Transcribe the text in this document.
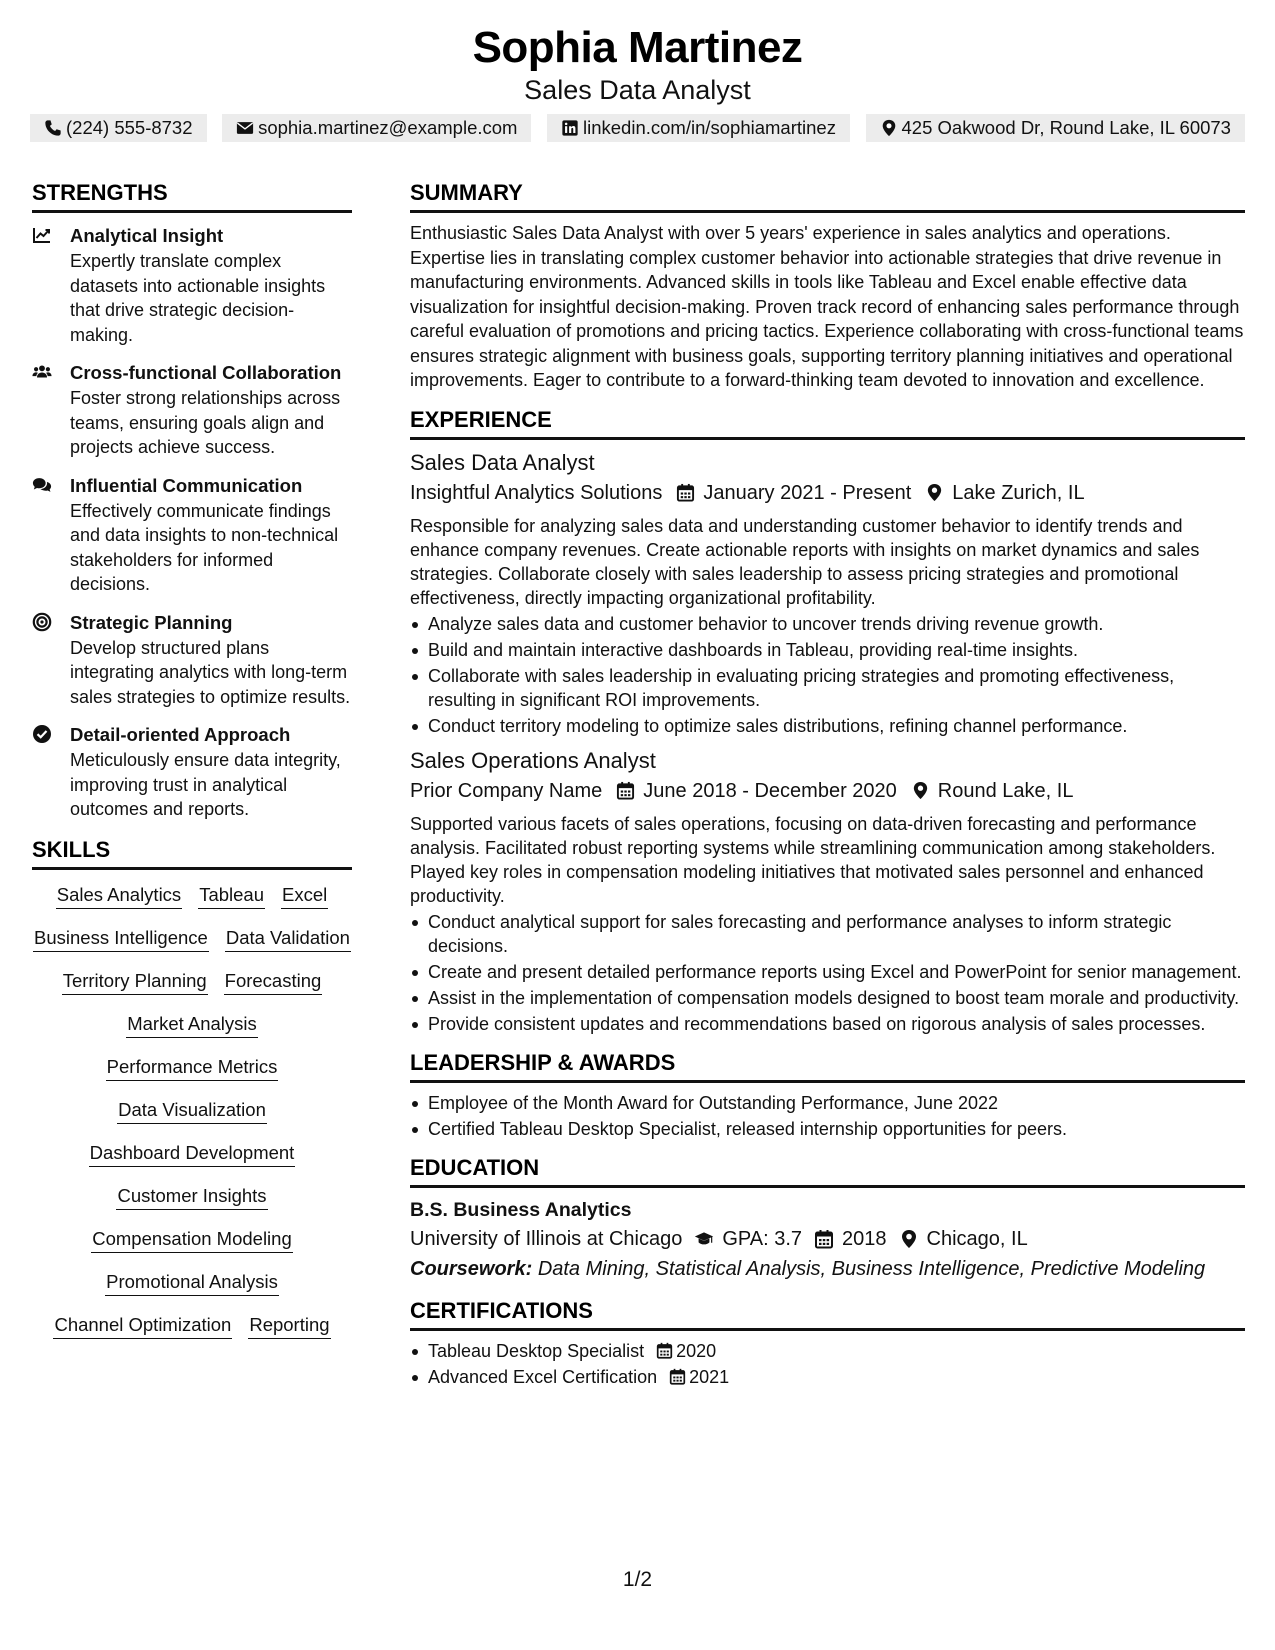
Sophia Martinez
Sales Data Analyst
(224) 555-8732	sophia.martinez@example.com	linkedin.com/in/sophiamartinez	425 Oakwood Dr, Round Lake, IL 60073
STRENGTHS
Analytical Insight
Expertly translate complex datasets into actionable insights that drive strategic decision-making.
Cross-functional Collaboration
Foster strong relationships across teams, ensuring goals align and projects achieve success.
Influential Communication
Effectively communicate findings and data insights to non-technical stakeholders for informed decisions.
Strategic Planning
Develop structured plans integrating analytics with long-term sales strategies to optimize results.
Detail-oriented Approach
Meticulously ensure data integrity, improving trust in analytical outcomes and reports.
SKILLS
Sales Analytics Tableau Excel
Business Intelligence Data Validation
Territory Planning Forecasting
Market Analysis
Performance Metrics
Data Visualization
Dashboard Development
Customer Insights
Compensation Modeling
Promotional Analysis
Channel Optimization Reporting
SUMMARY
Enthusiastic Sales Data Analyst with over 5 years' experience in sales analytics and operations. Expertise lies in translating complex customer behavior into actionable strategies that drive revenue in manufacturing environments. Advanced skills in tools like Tableau and Excel enable effective data visualization for insightful decision-making. Proven track record of enhancing sales performance through careful evaluation of promotions and pricing tactics. Experience collaborating with cross-functional teams ensures strategic alignment with business goals, supporting territory planning initiatives and operational improvements. Eager to contribute to a forward-thinking team devoted to innovation and excellence.
EXPERIENCE
Sales Data Analyst
Insightful Analytics Solutions January 2021 - Present Lake Zurich, IL
Responsible for analyzing sales data and understanding customer behavior to identify trends and enhance company revenues. Create actionable reports with insights on market dynamics and sales strategies. Collaborate closely with sales leadership to assess pricing strategies and promotional effectiveness, directly impacting organizational profitability.
Analyze sales data and customer behavior to uncover trends driving revenue growth.
Build and maintain interactive dashboards in Tableau, providing real-time insights.
Collaborate with sales leadership in evaluating pricing strategies and promoting effectiveness, resulting in significant ROI improvements.
Conduct territory modeling to optimize sales distributions, refining channel performance.
Sales Operations Analyst
Prior Company Name June 2018 - December 2020 Round Lake, IL
Supported various facets of sales operations, focusing on data-driven forecasting and performance analysis. Facilitated robust reporting systems while streamlining communication among stakeholders. Played key roles in compensation modeling initiatives that motivated sales personnel and enhanced productivity.
Conduct analytical support for sales forecasting and performance analyses to inform strategic decisions.
Create and present detailed performance reports using Excel and PowerPoint for senior management.
Assist in the implementation of compensation models designed to boost team morale and productivity.
Provide consistent updates and recommendations based on rigorous analysis of sales processes.
LEADERSHIP & AWARDS
Employee of the Month Award for Outstanding Performance, June 2022
Certified Tableau Desktop Specialist, released internship opportunities for peers.
EDUCATION
B.S. Business Analytics
University of Illinois at Chicago GPA: 3.7 2018 Chicago, IL
Coursework: Data Mining, Statistical Analysis, Business Intelligence, Predictive Modeling
CERTIFICATIONS
Tableau Desktop Specialist 2020
Advanced Excel Certification 2021
1/2
